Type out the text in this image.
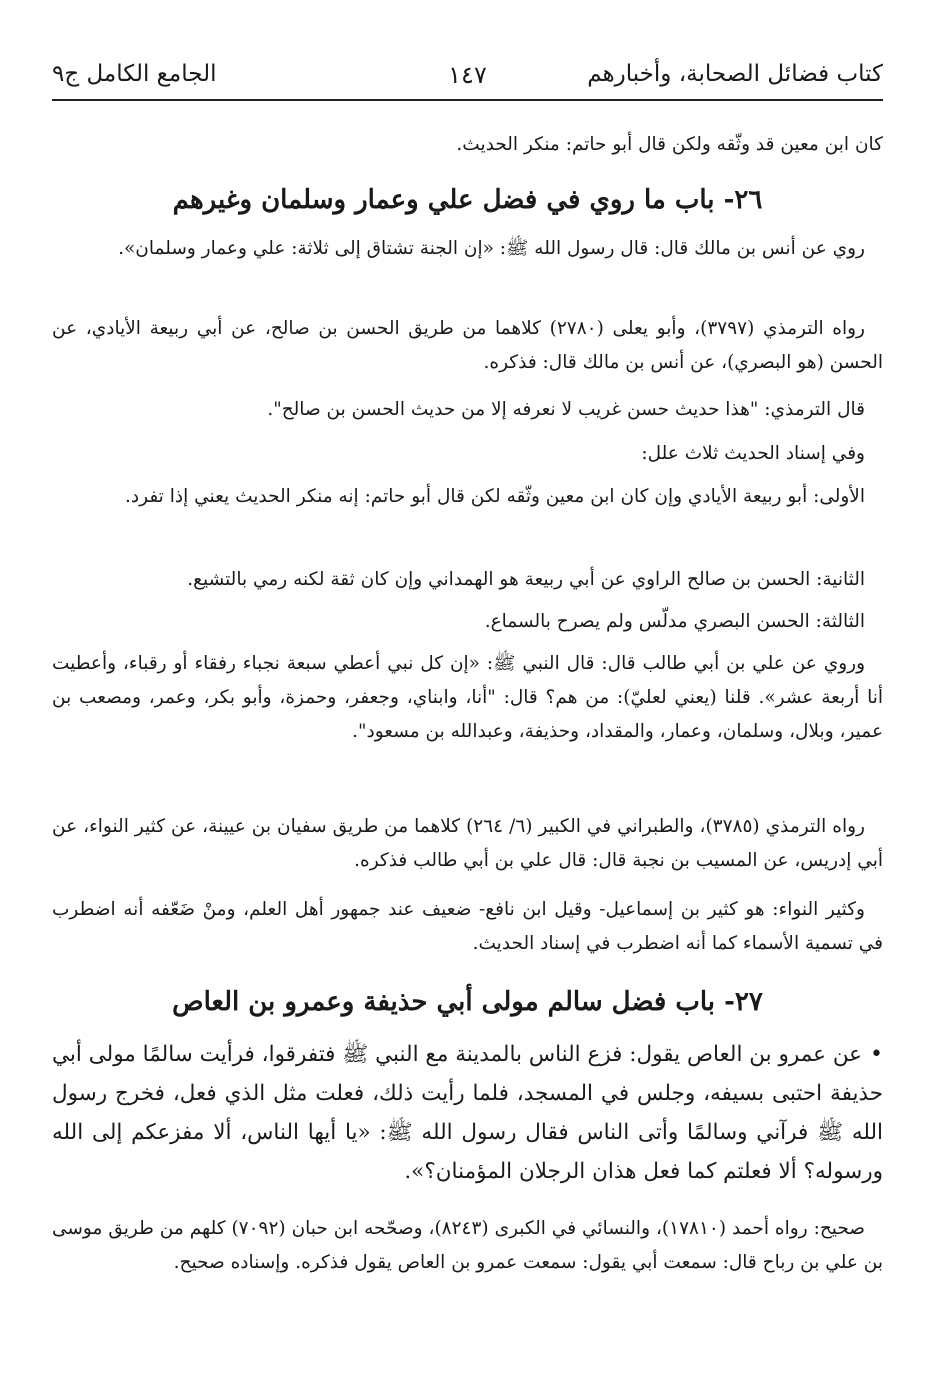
كتاب فضائل الصحابة، وأخبارهم
١٤٧
الجامع الكامل ج٩

كان ابن معين قد وثّقه ولكن قال أبو حاتم: منكر الحديث.

٢٦- باب ما روي في فضل علي وعمار وسلمان وغيرهم

روي عن أنس بن مالك قال: قال رسول الله ﷺ: «إن الجنة تشتاق إلى ثلاثة: علي وعمار وسلمان».

رواه الترمذي (٣٧٩٧)، وأبو يعلى (٢٧٨٠) كلاهما من طريق الحسن بن صالح، عن أبي ربيعة الأيادي، عن الحسن (هو البصري)، عن أنس بن مالك قال: فذكره.

قال الترمذي: "هذا حديث حسن غريب لا نعرفه إلا من حديث الحسن بن صالح".

وفي إسناد الحديث ثلاث علل:

الأولى: أبو ربيعة الأيادي وإن كان ابن معين وثّقه لكن قال أبو حاتم: إنه منكر الحديث يعني إذا تفرد.

الثانية: الحسن بن صالح الراوي عن أبي ربيعة هو الهمداني وإن كان ثقة لكنه رمي بالتشيع.

الثالثة: الحسن البصري مدلّس ولم يصرح بالسماع.

وروي عن علي بن أبي طالب قال: قال النبي ﷺ: «إن كل نبي أعطي سبعة نجباء رفقاء أو رقباء، وأعطيت أنا أربعة عشر». قلنا (يعني لعليّ): من هم؟ قال: "أنا، وابناي، وجعفر، وحمزة، وأبو بكر، وعمر، ومصعب بن عمير، وبلال، وسلمان، وعمار، والمقداد، وحذيفة، وعبدالله بن مسعود".

رواه الترمذي (٣٧٨٥)، والطبراني في الكبير (٦/ ٢٦٤) كلاهما من طريق سفيان بن عيينة، عن كثير النواء، عن أبي إدريس، عن المسيب بن نجبة قال: قال علي بن أبي طالب فذكره.

وكثير النواء: هو كثير بن إسماعيل- وقيل ابن نافع- ضعيف عند جمهور أهل العلم، ومنْ ضَعّفه أنه اضطرب في تسمية الأسماء كما أنه اضطرب في إسناد الحديث.

٢٧- باب فضل سالم مولى أبي حذيفة وعمرو بن العاص

•عن عمرو بن العاص يقول: فزع الناس بالمدينة مع النبي ﷺ فتفرقوا، فرأيت سالمًا مولى أبي حذيفة احتبى بسيفه، وجلس في المسجد، فلما رأيت ذلك، فعلت مثل الذي فعل، فخرج رسول الله ﷺ فرآني وسالمًا وأتى الناس فقال رسول الله ﷺ: «يا أيها الناس، ألا مفزعكم إلى الله ورسوله؟ ألا فعلتم كما فعل هذان الرجلان المؤمنان؟».

صحيح: رواه أحمد (١٧٨١٠)، والنسائي في الكبرى (٨٢٤٣)، وصحّحه ابن حبان (٧٠٩٢) كلهم من طريق موسى بن علي بن رباح قال: سمعت أبي يقول: سمعت عمرو بن العاص يقول فذكره. وإسناده صحيح.
